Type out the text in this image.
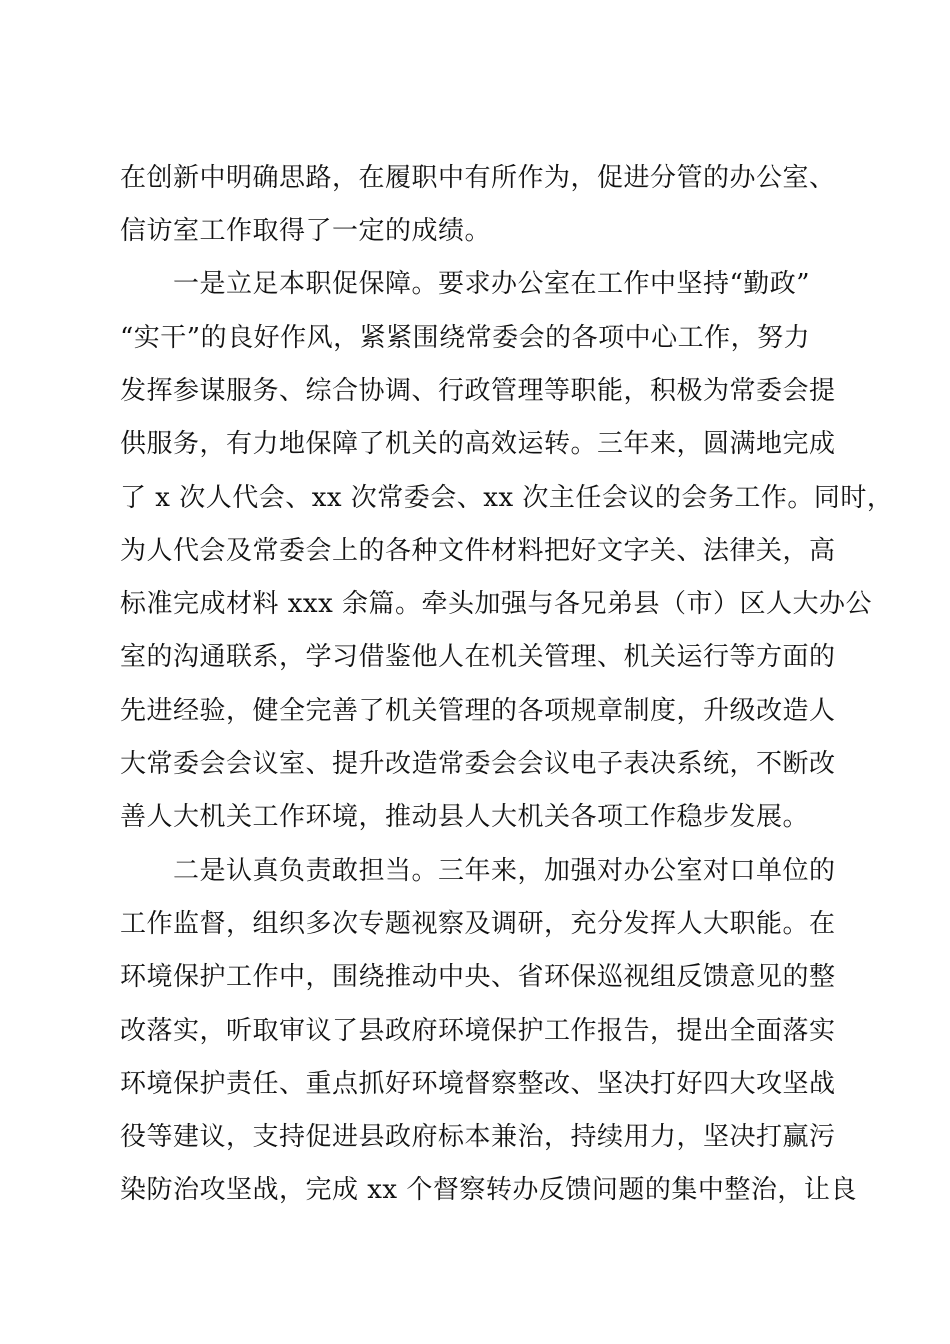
在创新中明确思路，在履职中有所作为，促进分管的办公室、

信访室工作取得了一定的成绩。

一是立足本职促保障。要求办公室在工作中坚持“勤政”

“实干”的良好作风，紧紧围绕常委会的各项中心工作，努力

发挥参谋服务、综合协调、行政管理等职能，积极为常委会提

供服务，有力地保障了机关的高效运转。三年来，圆满地完成

了 x 次人代会、xx 次常委会、xx 次主任会议的会务工作。同时，

为人代会及常委会上的各种文件材料把好文字关、法律关，高

标准完成材料 xxx 余篇。牵头加强与各兄弟县（市）区人大办公

室的沟通联系，学习借鉴他人在机关管理、机关运行等方面的

先进经验，健全完善了机关管理的各项规章制度，升级改造人

大常委会会议室、提升改造常委会会议电子表决系统，不断改

善人大机关工作环境，推动县人大机关各项工作稳步发展。

二是认真负责敢担当。三年来，加强对办公室对口单位的

工作监督，组织多次专题视察及调研，充分发挥人大职能。在

环境保护工作中，围绕推动中央、省环保巡视组反馈意见的整

改落实，听取审议了县政府环境保护工作报告，提出全面落实

环境保护责任、重点抓好环境督察整改、坚决打好四大攻坚战

役等建议，支持促进县政府标本兼治，持续用力，坚决打赢污

染防治攻坚战，完成 xx 个督察转办反馈问题的集中整治，让良
